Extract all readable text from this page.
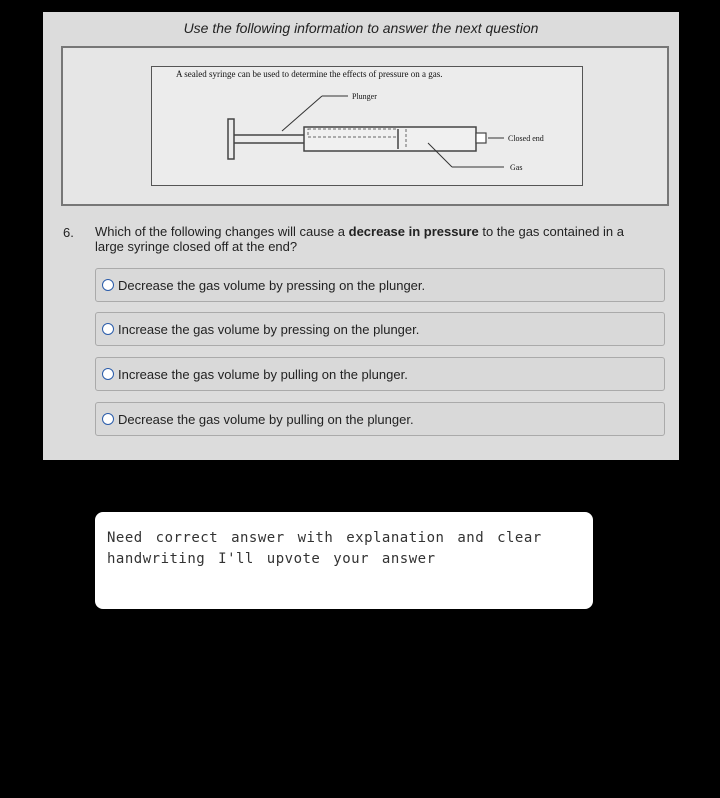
Use the following information to answer the next question
A sealed syringe can be used to determine the effects of pressure on a gas.
Plunger
Closed end
Gas
6. Which of the following changes will cause a decrease in pressure to the gas contained in a large syringe closed off at the end?
Decrease the gas volume by pressing on the plunger.
Increase the gas volume by pressing on the plunger.
Increase the gas volume by pulling on the plunger.
Decrease the gas volume by pulling on the plunger.
Need correct answer with explanation and clear handwriting I'll upvote your answer
